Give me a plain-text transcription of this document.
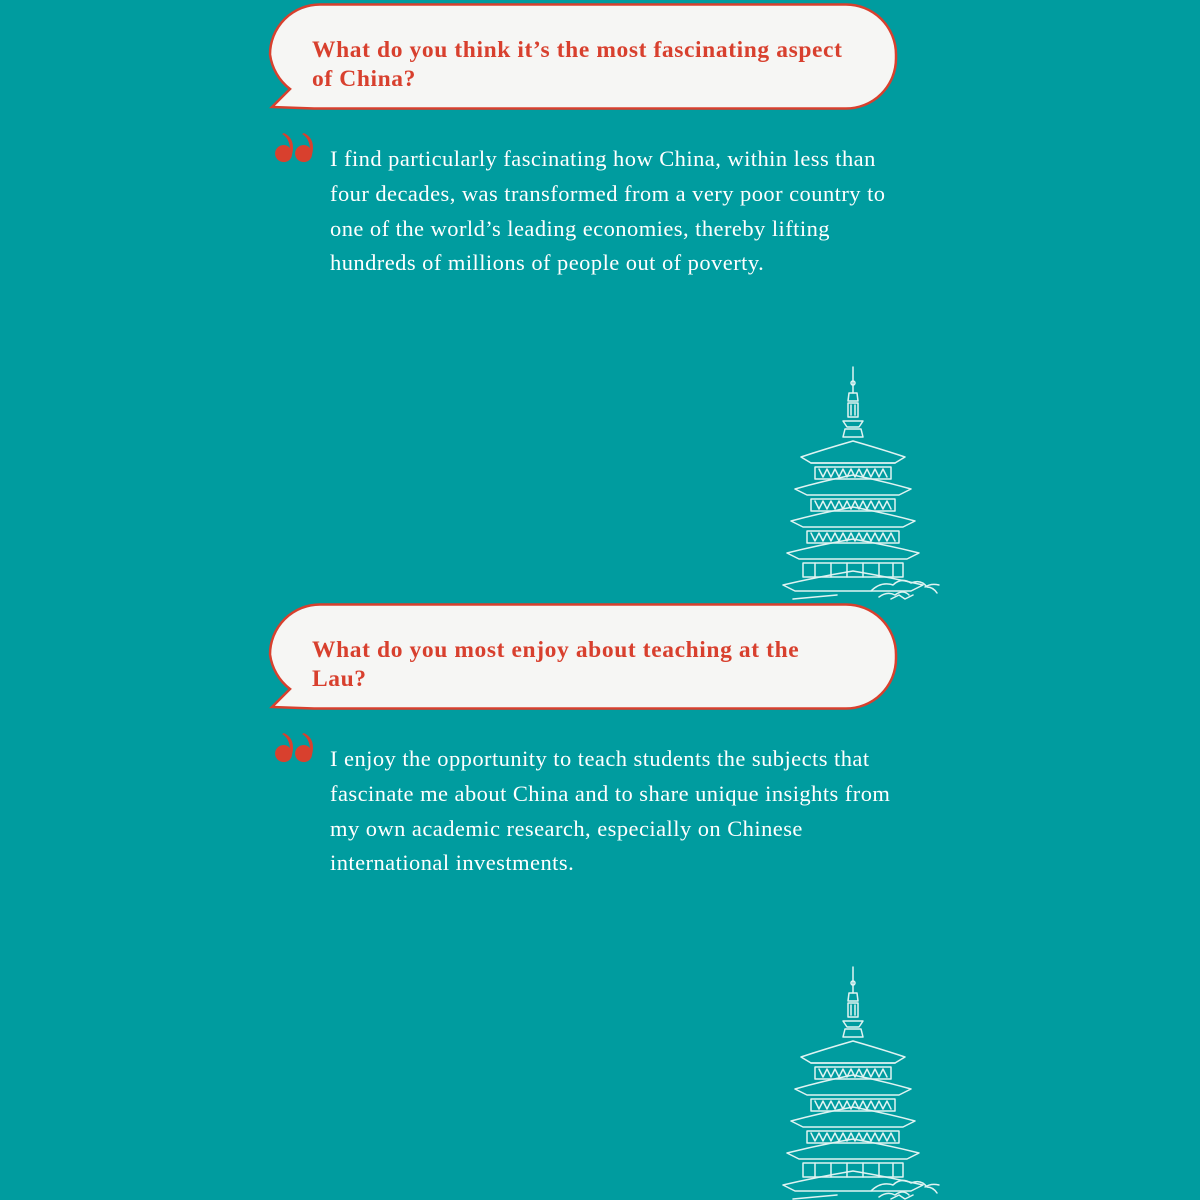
What do you think it’s the most fascinating aspect of China?

I find particularly fascinating how China, within less than four decades, was transformed from a very poor country to one of the world’s leading economies, thereby lifting hundreds of millions of people out of poverty.

What do you most enjoy about teaching at the Lau?

I enjoy the opportunity to teach students the subjects that fascinate me about China and to share unique insights from my own academic research, especially on Chinese international investments.
